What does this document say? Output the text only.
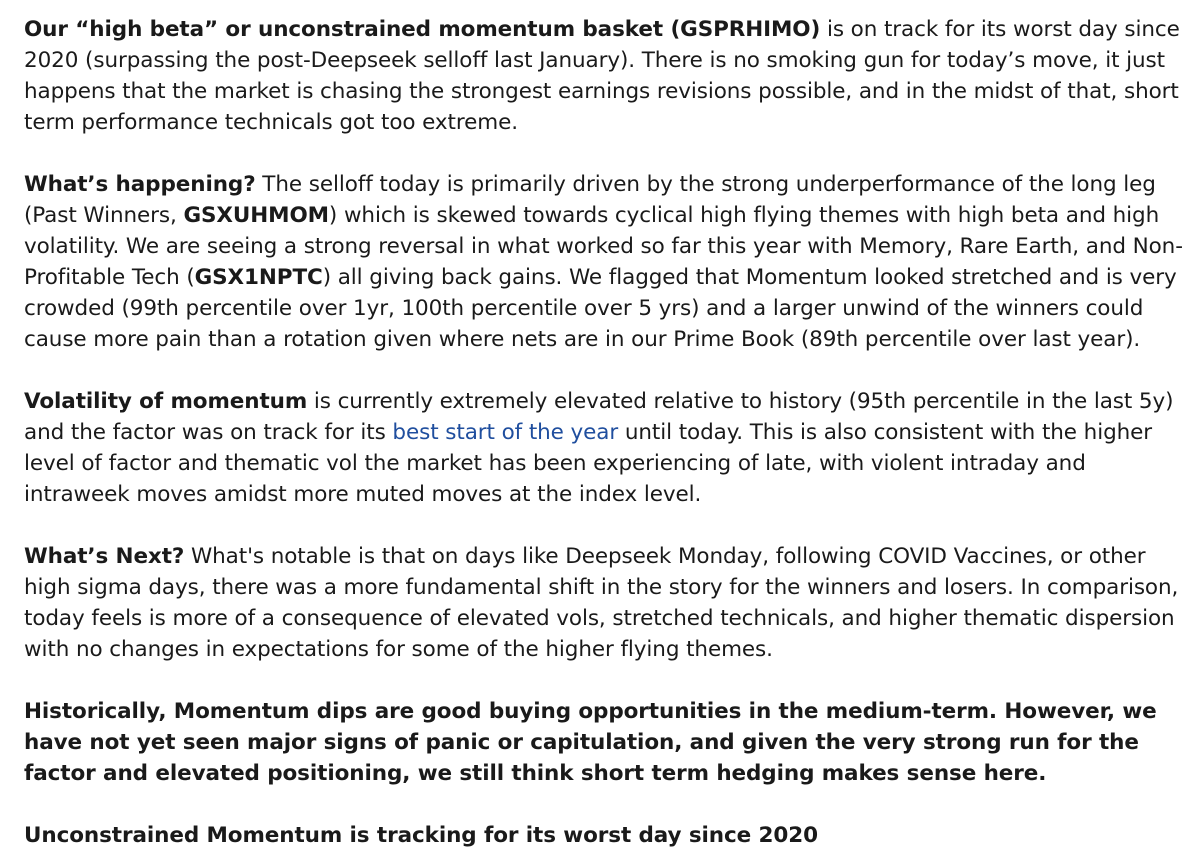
Our “high beta” or unconstrained momentum basket (GSPRHIMO) is on track for its worst day since 2020 (surpassing the post-Deepseek selloff last January). There is no smoking gun for today’s move, it just happens that the market is chasing the strongest earnings revisions possible, and in the midst of that, short term performance technicals got too extreme.

What’s happening? The selloff today is primarily driven by the strong underperformance of the long leg (Past Winners, GSXUHMOM) which is skewed towards cyclical high flying themes with high beta and high volatility. We are seeing a strong reversal in what worked so far this year with Memory, Rare Earth, and Non-Profitable Tech (GSX1NPTC) all giving back gains. We flagged that Momentum looked stretched and is very crowded (99th percentile over 1yr, 100th percentile over 5 yrs) and a larger unwind of the winners could cause more pain than a rotation given where nets are in our Prime Book (89th percentile over last year).

Volatility of momentum is currently extremely elevated relative to history (95th percentile in the last 5y) and the factor was on track for its best start of the year until today. This is also consistent with the higher level of factor and thematic vol the market has been experiencing of late, with violent intraday and intraweek moves amidst more muted moves at the index level.

What’s Next? What's notable is that on days like Deepseek Monday, following COVID Vaccines, or other high sigma days, there was a more fundamental shift in the story for the winners and losers. In comparison, today feels is more of a consequence of elevated vols, stretched technicals, and higher thematic dispersion with no changes in expectations for some of the higher flying themes.

Historically, Momentum dips are good buying opportunities in the medium-term. However, we have not yet seen major signs of panic or capitulation, and given the very strong run for the factor and elevated positioning, we still think short term hedging makes sense here.

Unconstrained Momentum is tracking for its worst day since 2020
